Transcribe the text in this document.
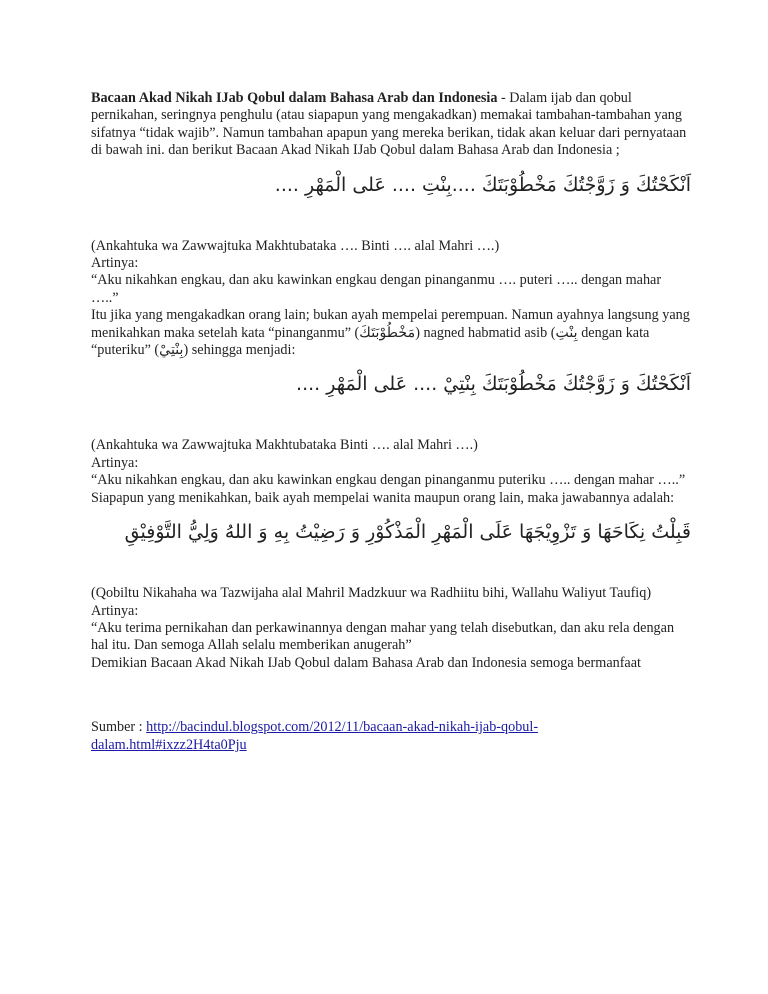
Bacaan Akad Nikah IJab Qobul dalam Bahasa Arab dan Indonesia - Dalam ijab dan qobul pernikahan, seringnya penghulu (atau siapapun yang mengakadkan) memakai tambahan-tambahan yang sifatnya “tidak wajib”. Namun tambahan apapun yang mereka berikan, tidak akan keluar dari pernyataan di bawah ini. dan berikut Bacaan Akad Nikah IJab Qobul dalam Bahasa Arab dan Indonesia ;

اَنْكَحْتُكَ وَ زَوَّجْتُكَ مَخْطُوْبَتَكَ ....بِنْتِ .... عَلى الْمَهْرِ ....

(Ankahtuka wa Zawwajtuka Makhtubataka …. Binti …. alal Mahri ….)

Artinya:

“Aku nikahkan engkau, dan aku kawinkan engkau dengan pinanganmu …. puteri ….. dengan mahar …..”

Itu jika yang mengakadkan orang lain; bukan ayah mempelai perempuan. Namun ayahnya langsung yang menikahkan maka setelah kata “pinanganmu” (مَخْطُوْبَتَكَ) nagned habmatid asib (بِنْتِ dengan kata “puteriku” (بِنْتِيْ) sehingga menjadi:

اَنْكَحْتُكَ وَ زَوَّجْتُكَ مَخْطُوْبَتَكَ بِنْتِيْ .... عَلى الْمَهْرِ ....

(Ankahtuka wa Zawwajtuka Makhtubataka Binti …. alal Mahri ….)

Artinya:

“Aku nikahkan engkau, dan aku kawinkan engkau dengan pinanganmu puteriku ….. dengan mahar …..”

Siapapun yang menikahkan, baik ayah mempelai wanita maupun orang lain, maka jawabannya adalah:

قَبِلْتُ نِكَاحَهَا وَ تَزْوِيْجَهَا عَلَى الْمَهْرِ الْمَذْكُوْرِ وَ رَضِيْتُ بِهِ وَ اللهُ وَلِيُّ التَّوْفِيْقِ

(Qobiltu Nikahaha wa Tazwijaha alal Mahril Madzkuur wa Radhiitu bihi, Wallahu Waliyut Taufiq)

Artinya:

“Aku terima pernikahan dan perkawinannya dengan mahar yang telah disebutkan, dan aku rela dengan hal itu. Dan semoga Allah selalu memberikan anugerah”

Demikian Bacaan Akad Nikah IJab Qobul dalam Bahasa Arab dan Indonesia semoga bermanfaat

Sumber : http://bacindul.blogspot.com/2012/11/bacaan-akad-nikah-ijab-qobul-dalam.html#ixzz2H4ta0Pju
